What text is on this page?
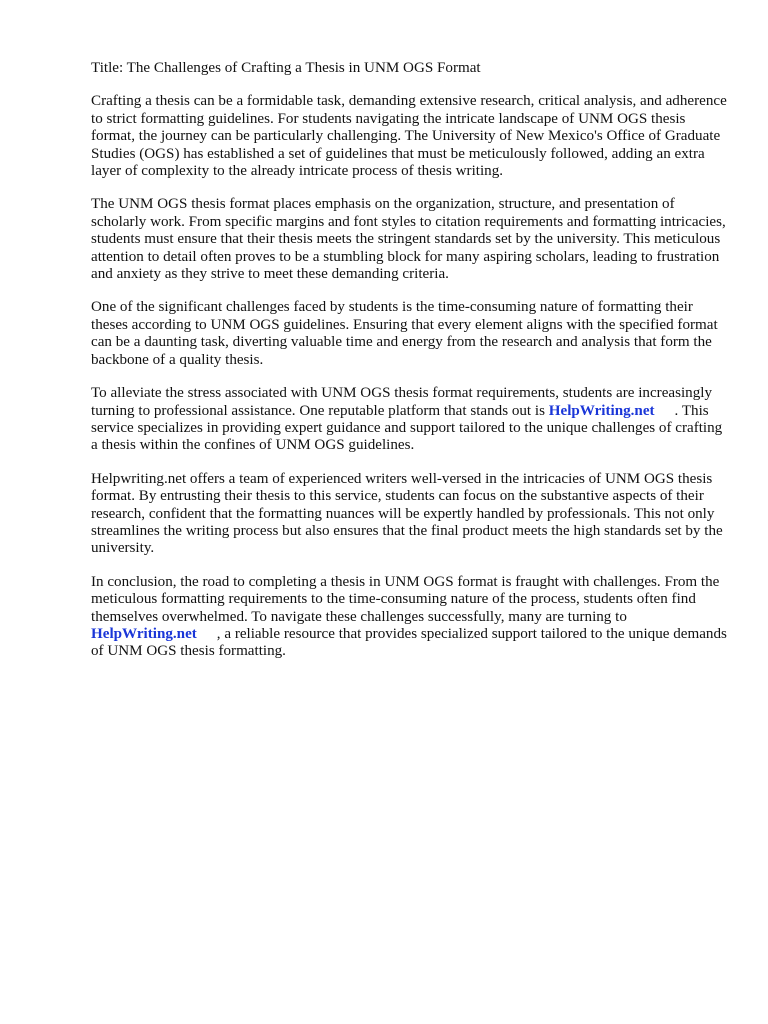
Title: The Challenges of Crafting a Thesis in UNM OGS Format

Crafting a thesis can be a formidable task, demanding extensive research, critical analysis, and adherence to strict formatting guidelines. For students navigating the intricate landscape of UNM OGS thesis format, the journey can be particularly challenging. The University of New Mexico's Office of Graduate Studies (OGS) has established a set of guidelines that must be meticulously followed, adding an extra layer of complexity to the already intricate process of thesis writing.

The UNM OGS thesis format places emphasis on the organization, structure, and presentation of scholarly work. From specific margins and font styles to citation requirements and formatting intricacies, students must ensure that their thesis meets the stringent standards set by the university. This meticulous attention to detail often proves to be a stumbling block for many aspiring scholars, leading to frustration and anxiety as they strive to meet these demanding criteria.

One of the significant challenges faced by students is the time-consuming nature of formatting their theses according to UNM OGS guidelines. Ensuring that every element aligns with the specified format can be a daunting task, diverting valuable time and energy from the research and analysis that form the backbone of a quality thesis.

To alleviate the stress associated with UNM OGS thesis format requirements, students are increasingly turning to professional assistance. One reputable platform that stands out is HelpWriting.net . This service specializes in providing expert guidance and support tailored to the unique challenges of crafting a thesis within the confines of UNM OGS guidelines.

Helpwriting.net offers a team of experienced writers well-versed in the intricacies of UNM OGS thesis format. By entrusting their thesis to this service, students can focus on the substantive aspects of their research, confident that the formatting nuances will be expertly handled by professionals. This not only streamlines the writing process but also ensures that the final product meets the high standards set by the university.

In conclusion, the road to completing a thesis in UNM OGS format is fraught with challenges. From the meticulous formatting requirements to the time-consuming nature of the process, students often find themselves overwhelmed. To navigate these challenges successfully, many are turning to HelpWriting.net , a reliable resource that provides specialized support tailored to the unique demands of UNM OGS thesis formatting.
